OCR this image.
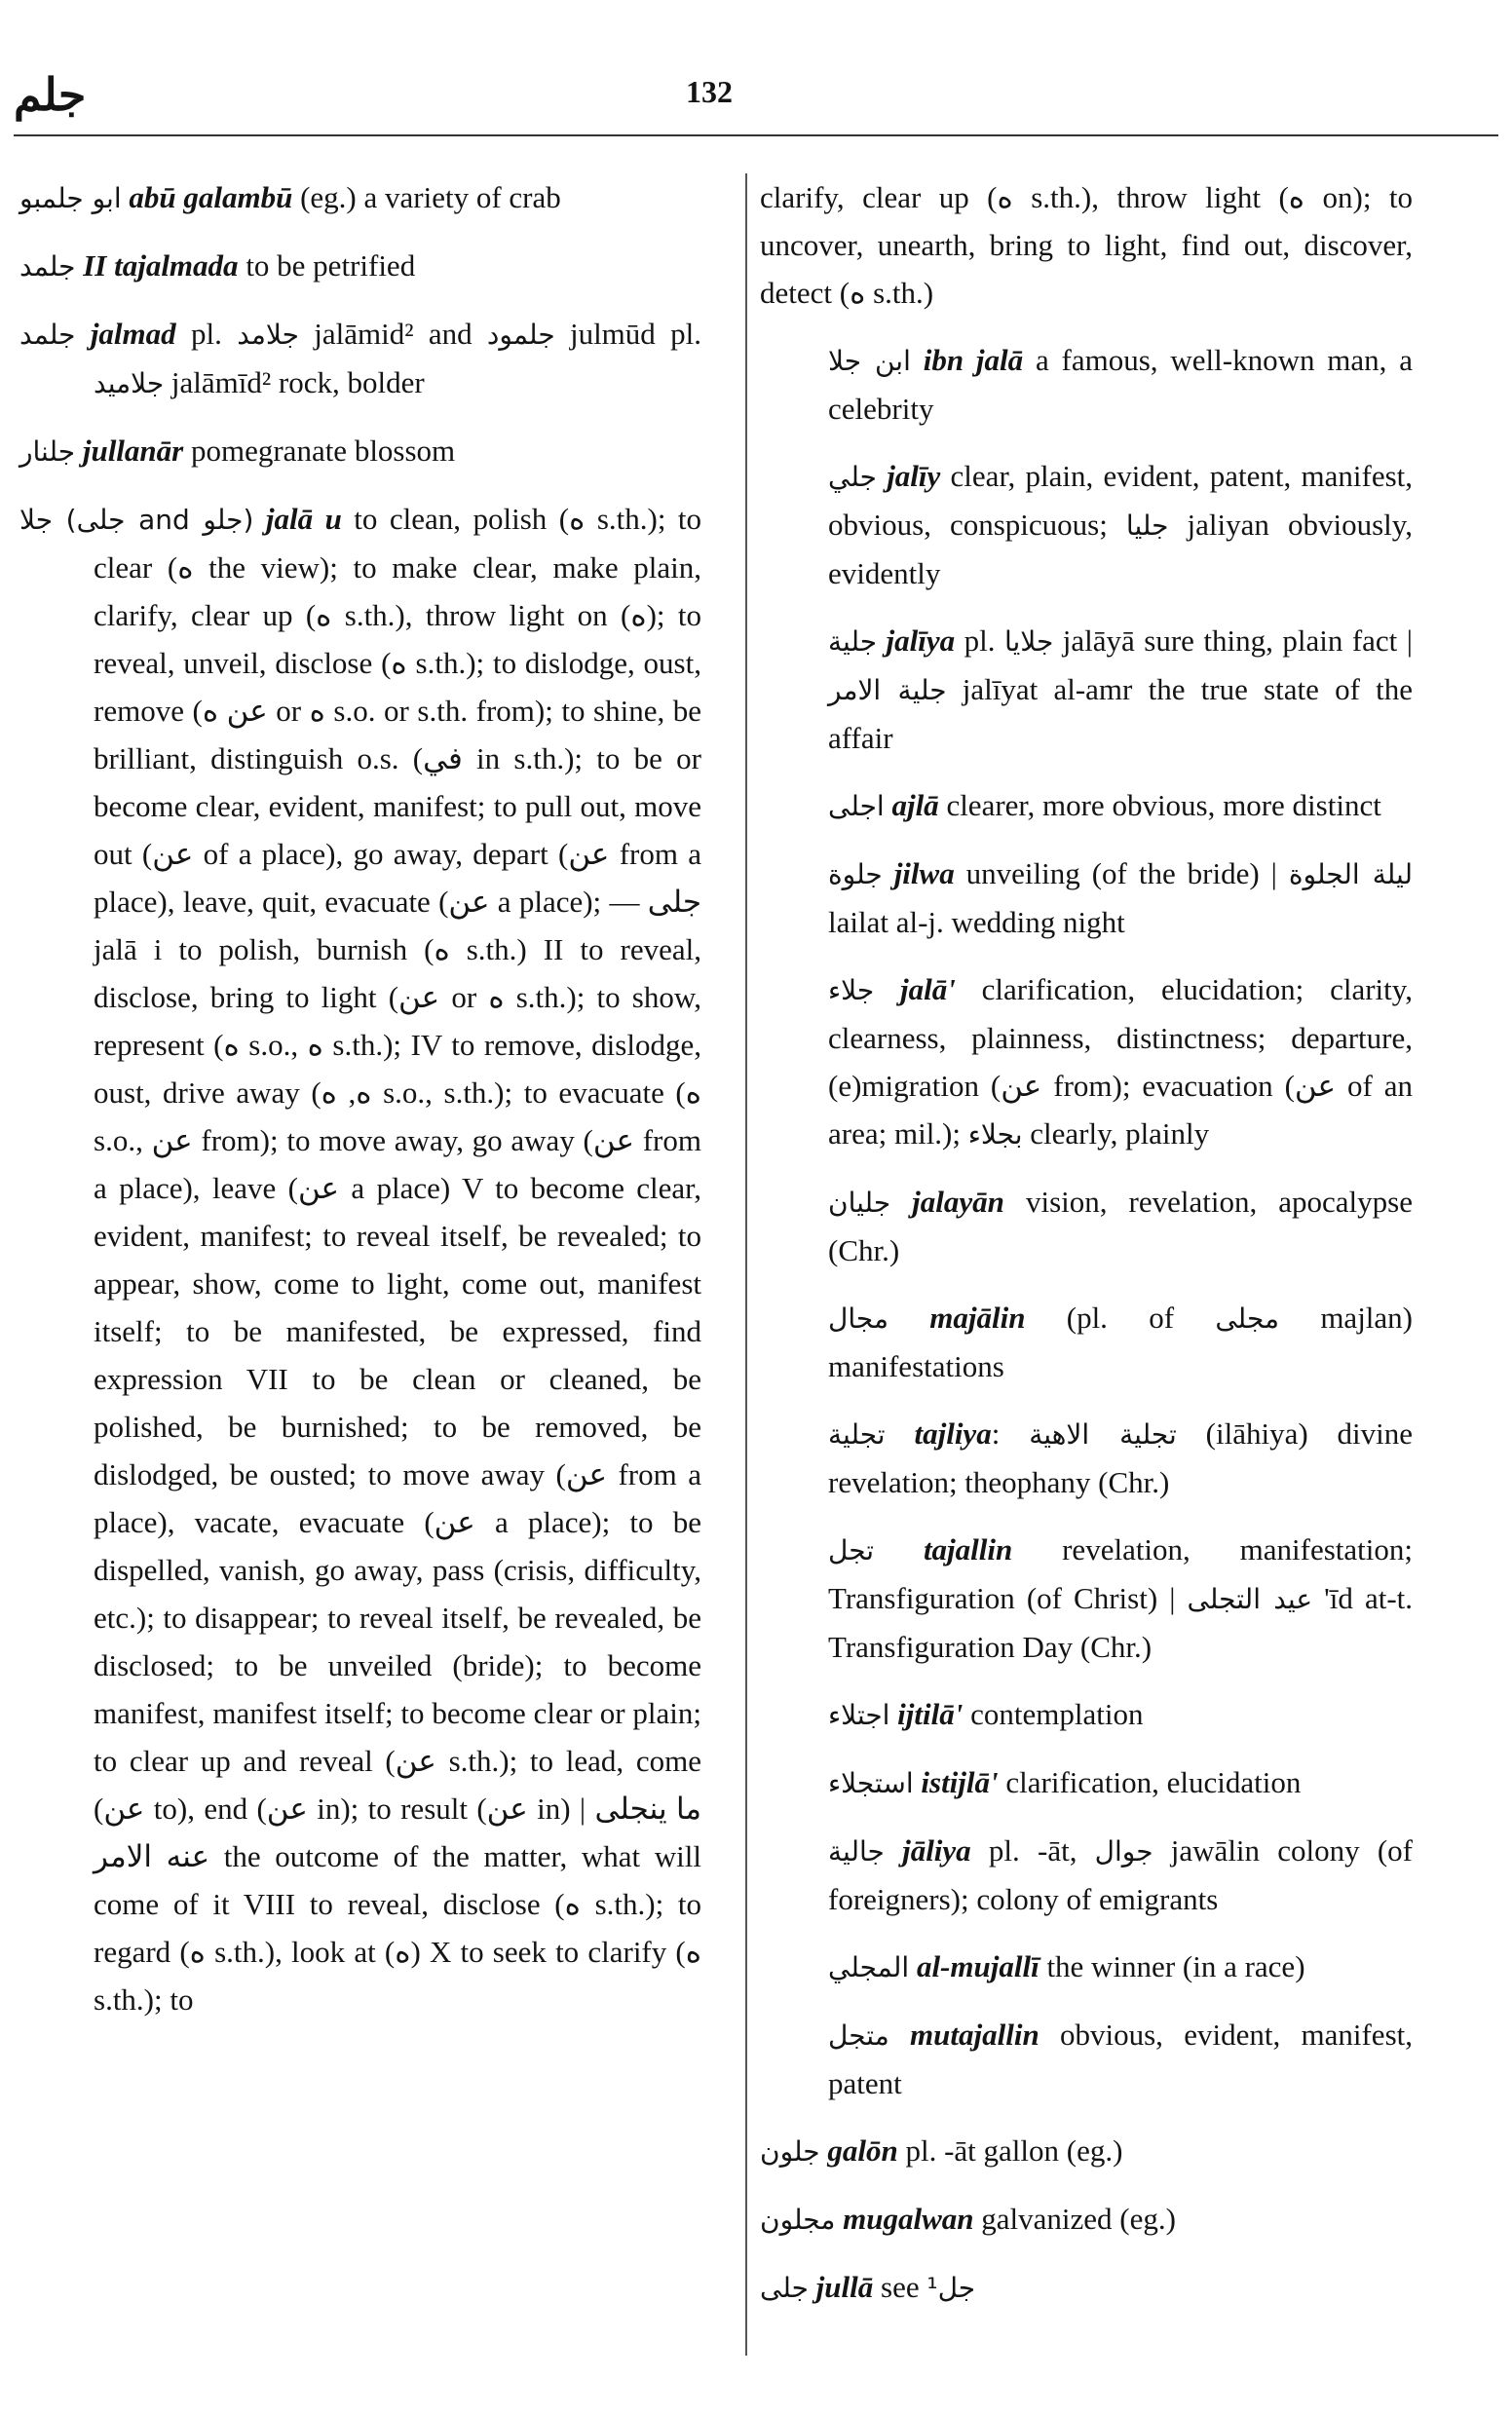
جلم	132
ابو جلمبو abū galambū (eg.) a variety of crab
جلمد II tajalmada to be petrified
جلمد jalmad pl. جلامد jalāmid² and جلمود julmūd pl. جلاميد jalāmīd² rock, bolder
جلنار jullanār pomegranate blossom
(جلو and جلى) جلا jalā u to clean, polish (ه s.th.); to clear (ه the view); to make clear, make plain, clarify, clear up (ه s.th.), throw light on (ه); to reveal, unveil, disclose (ه s.th.); to dislodge, oust, remove (عن ه or ه s.o. or s.th. from); to shine, be brilliant, distinguish o.s. (في in s.th.); to be or become clear, evident, manifest; to pull out, move out (عن of a place), go away, depart (عن from a place), leave, quit, evacuate (عن a place); — جلى jalā i to polish, burnish (ه s.th.) II to reveal, disclose, bring to light (عن or ه s.th.); to show, represent (ه s.o., ه s.th.); IV to remove, dislodge, oust, drive away (ه, ه s.o., s.th.); to evacuate (ه s.o., عن from); to move away, go away (عن from a place), leave (عن a place) V to become clear, evident, manifest; to reveal itself, be revealed; to appear, show, come to light, come out, manifest itself; to be manifested, be expressed, find expression VII to be clean or cleaned, be polished, be burnished; to be removed, be dislodged, be ousted; to move away (عن from a place), vacate, evacuate (عن a place); to be dispelled, vanish, go away, pass (crisis, difficulty, etc.); to disappear; to reveal itself, be revealed, be disclosed; to be unveiled (bride); to become manifest, manifest itself; to become clear or plain; to clear up and reveal (عن s.th.); to lead, come (عن to), end (عن in); to result (عن in) | ما ينجلى عنه الامر the outcome of the matter, what will come of it VIII to reveal, disclose (ه s.th.); to regard (ه s.th.), look at (ه) X to seek to clarify (ه s.th.); to
clarify, clear up (ه s.th.), throw light (ه on); to uncover, unearth, bring to light, find out, discover, detect (ه s.th.)
ابن جلا ibn jalā a famous, well-known man, a celebrity
جلي jalīy clear, plain, evident, patent, manifest, obvious, conspicuous; جليا jaliyan obviously, evidently
جلية jalīya pl. جلايا jalāyā sure thing, plain fact | جلية الامر jalīyat al-amr the true state of the affair
اجلى ajlā clearer, more obvious, more distinct
جلوة jilwa unveiling (of the bride) | ليلة الجلوة lailat al-j. wedding night
جلاء jalā' clarification, elucidation; clarity, clearness, plainness, distinctness; departure, (e)migration (عن from); evacuation (عن of an area; mil.); بجلاء clearly, plainly
جليان jalayān vision, revelation, apocalypse (Chr.)
مجال majālin (pl. of مجلى majlan) manifestations
تجلية tajliya: تجلية الاهية (ilāhiya) divine revelation; theophany (Chr.)
تجل tajallin revelation, manifestation; Transfiguration (of Christ) | عيد التجلى 'īd at-t. Transfiguration Day (Chr.)
اجتلاء ijtilā' contemplation
استجلاء istijlā' clarification, elucidation
جالية jāliya pl. -āt, جوال jawālin colony (of foreigners); colony of emigrants
المجلي al-mujallī the winner (in a race)
متجل mutajallin obvious, evident, manifest, patent
جلون galōn pl. -āt gallon (eg.)
مجلون mugalwan galvanized (eg.)
جلى jullā see ¹جل
